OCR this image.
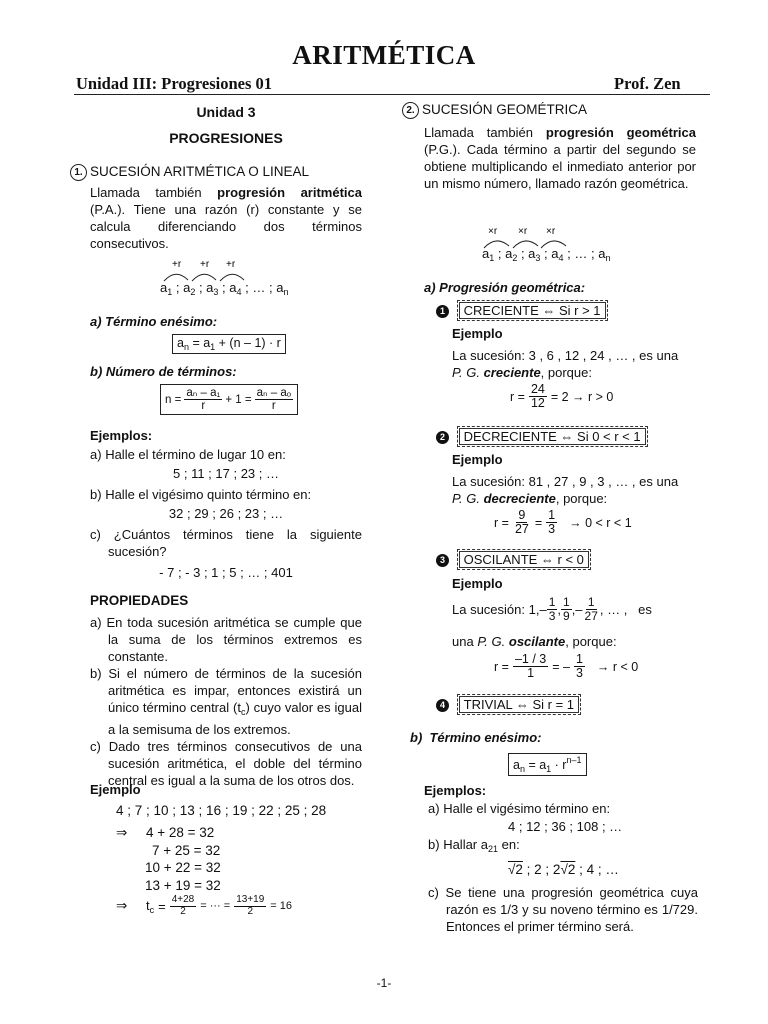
ARITMÉTICA
Unidad III: Progresiones 01	Prof. Zen
Unidad 3
PROGRESIONES
1. SUCESIÓN ARITMÉTICA O LINEAL
Llamada también progresión aritmética (P.A.). Tiene una razón (r) constante y se calcula diferenciando dos términos consecutivos.
+r +r +r
$a_1$ ; $a_2$ ; $a_3$ ; $a_4$ ; … ; $a_n$
a) Término enésimo:
$a_n = a_1 + (n - 1) \cdot r$
b) Número de términos:
$n = \frac{\text{aₙ – a₁}}{r} + 1 = \frac{\text{aₙ – aₒ}}{r}$
Ejemplos:
a) Halle el término de lugar 10 en:
5 ; 11 ; 17 ; 23 ; …
b) Halle el vigésimo quinto término en:
32 ; 29 ; 26 ; 23 ; …
c) ¿Cuántos términos tiene la siguiente sucesión?
- 7 ; - 3 ; 1 ; 5 ; … ; 401
PROPIEDADES
a) En toda sucesión aritmética se cumple que la suma de los términos extremos es constante.
b) Si el número de términos de la sucesión aritmética es impar, entonces existirá un único término central $(t_c)$ cuyo valor es igual a la semisuma de los extremos.
c) Dado tres términos consecutivos de una sucesión aritmética, el doble del término central es igual a la suma de los otros dos.
Ejemplo
4 ; 7 ; 10 ; 13 ; 16 ; 19 ; 22 ; 25 ; 28
⇒ 4 + 28 = 32
7 + 25 = 32
10 + 22 = 32
13 + 19 = 32
⇒	$t_c = \frac{4+28}{2}$ = ··· = $\frac{13+19}{2} = 16$
2. SUCESIÓN GEOMÉTRICA
Llamada también progresión geométrica (P.G.). Cada término a partir del segundo se obtiene multiplicando el inmediato anterior por un mismo número, llamado razón geométrica.
×r ×r ×r
$a_1$ ; $a_2$ ; $a_3$ ; $a_4$ ; … ; $a_n$
a) Progresión geométrica:
1 CRECIENTE ⇔ Si r > 1
Ejemplo
La sucesión: 3 , 6 , 12 , 24 , … , es una
P. G. creciente, porque:
$r = \frac{24}{12} = 2 \to r > 0$
2 DECRECIENTE ⇔ Si 0 < r < 1
Ejemplo
La sucesión: 81 , 27 , 9 , 3 , … , es una
P. G. decreciente, porque:
$r = \frac{9}{27} = \frac{1}{3} \to 0 < r < 1$
3 OSCILANTE ⇔ r < 0
Ejemplo
La sucesión: $1,- \frac{1}{3}$ , $\frac{1}{9}$ ,– $\frac{1}{27}$ , … ,   es
una P. G. oscilante, porque:
$r = \frac{-1 / 3}{1}$ = – $\frac{1}{3} \to r < 0$
4 TRIVIAL ⇔ Si r = 1
b)  Término enésimo:
$a_n = a_1 \cdot r^{n-1}$
Ejemplos:
a) Halle el vigésimo término en:
4 ; 12 ; 36 ; 108 ; …
b) Hallar $a_{21}$ en:
√2 ; 2 ; 2√2 ; 4 ; …
c) Se tiene una progresión geométrica cuya razón es 1/3 y su noveno término es 1/729. Entonces el primer término será.
-1-
